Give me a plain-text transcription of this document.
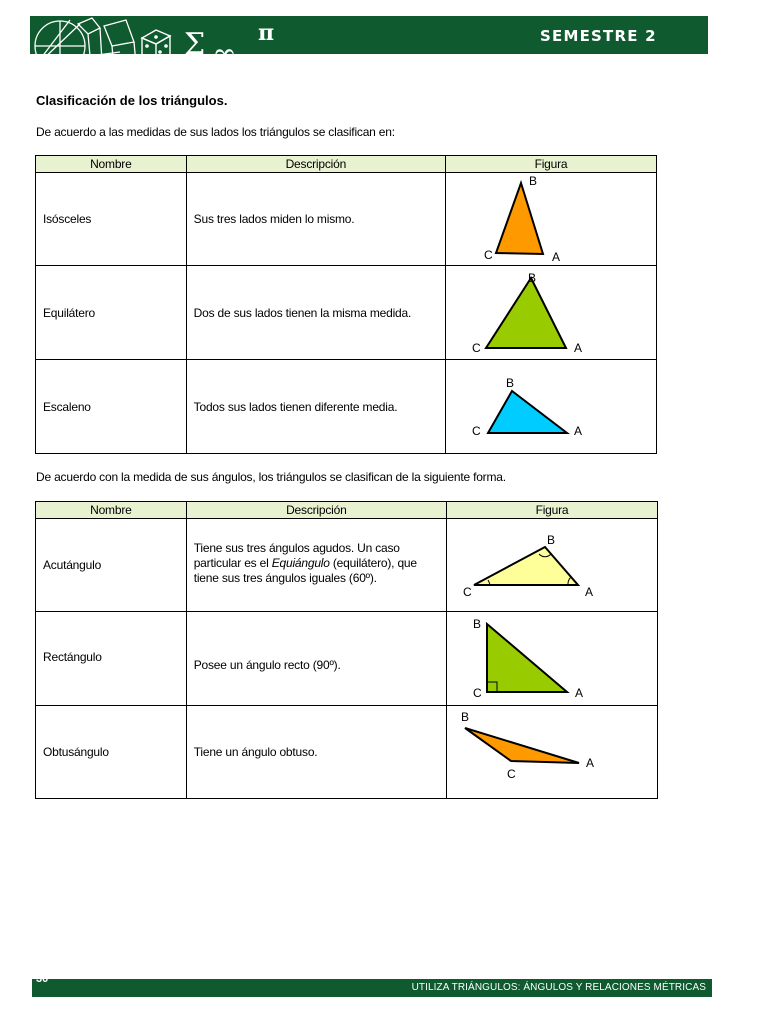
Σ ∞
π	SEMESTRE 2
Clasificación de los triángulos.
De acuerdo a las medidas de sus lados los triángulos se clasifican en:
Nombre	Descripción	Figura
Isósceles	Sus tres lados miden lo mismo.	B
C A

Equilátero	Dos de sus lados tienen la misma medida.	B
C A

Escaleno	Todos sus lados tienen diferente media.	B
C A
De acuerdo con la medida de sus ángulos, los triángulos se clasifican de la siguiente forma.
Nombre	Descripción	Figura
Acutángulo	Tiene sus tres ángulos agudos. Un caso
particular es el Equiángulo (equilátero), que
tiene sus tres ángulos iguales (60º).	B
C A

Rectángulo	Posee un ángulo recto (90º).	B
C A

Obtusángulo	Tiene un ángulo obtuso.	B
C
A
30
UTILIZA TRIÁNGULOS: ÁNGULOS Y RELACIONES MÉTRICAS
